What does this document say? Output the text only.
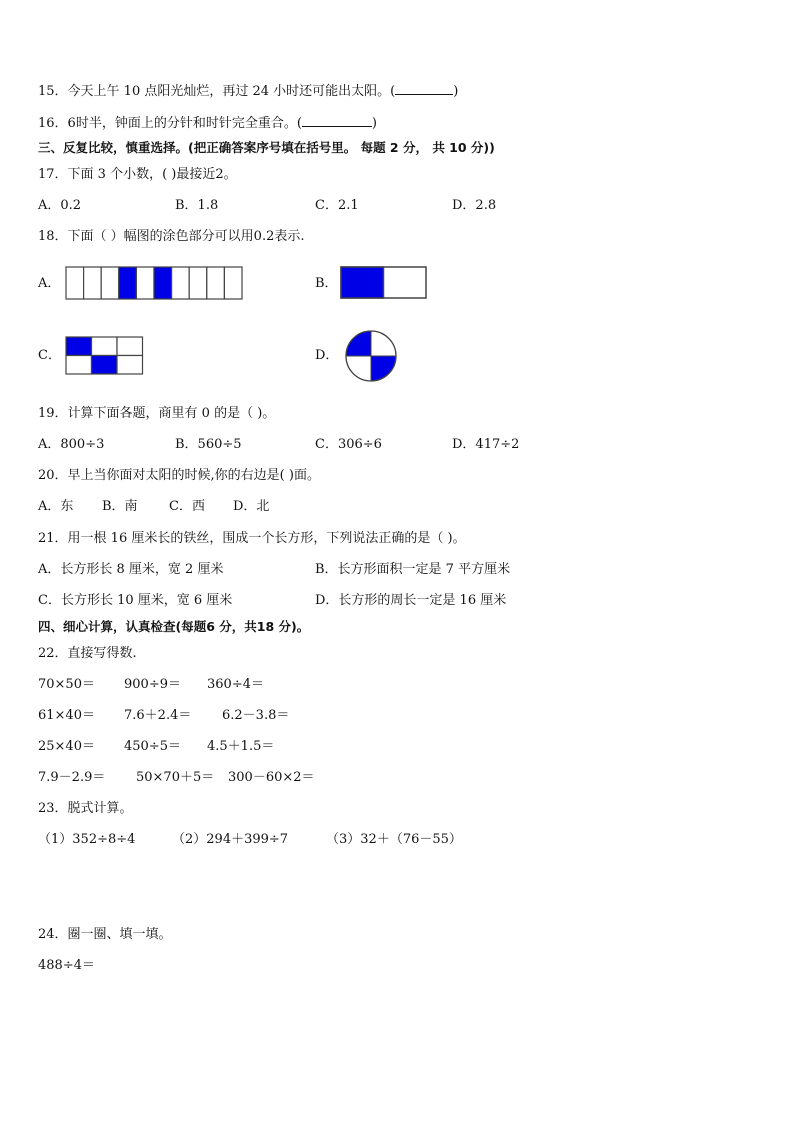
15．今天上午 10 点阳光灿烂，再过 24 小时还可能出太阳。(	)
16．6时半，钟面上的分针和时针完全重合。(	)
三、反复比较，慎重选择。(把正确答案序号填在括号里。 每题 2 分， 共 10 分))
17．下面 3 个小数，( )最接近2。
A．0.2	B．1.8	C．2.1	D．2.8
18．下面（ ）幅图的涂色部分可以用0.2表示.
A．	B．
C．	D．
19．计算下面各题，商里有 0 的是（ )。
A．800÷3	B．560÷5	C．306÷6	D．417÷2
20．早上当你面对太阳的时候,你的右边是( )面。
A．东 B．南 C．西 D．北
21．用一根 16 厘米长的铁丝，围成一个长方形，下列说法正确的是（ )。
A．长方形长 8 厘米，宽 2 厘米	B．长方形面积一定是 7 平方厘米
C．长方形长 10 厘米，宽 6 厘米	D．长方形的周长一定是 16 厘米
四、细心计算，认真检查(每题6 分，共18 分)。
22．直接写得数.
70×50＝ 900÷9＝ 360÷4＝
61×40＝ 7.6＋2.4＝ 6.2－3.8＝
25×40＝ 450÷5＝ 4.5＋1.5＝
7.9－2.9＝ 50×70＋5＝ 300－60×2＝
23．脱式计算。
（1）352÷8÷4	（2）294＋399÷7	（3）32＋（76－55）
24．圈一圈、填一填。
488÷4＝
